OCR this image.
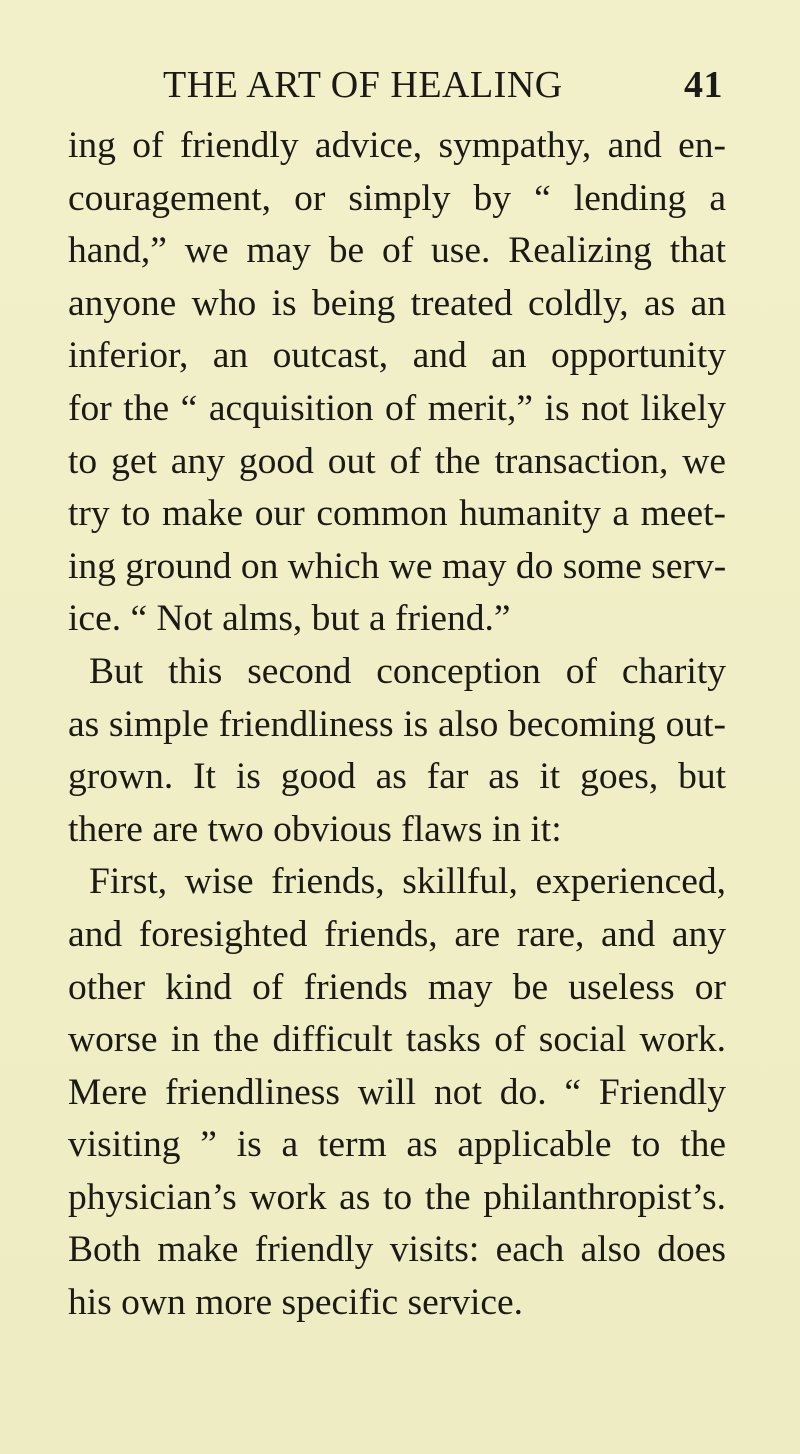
THE ART OF HEALING	41
ing of friendly advice, sympathy, and en-
couragement, or simply by “ lending a
hand,” we may be of use. Realizing that
anyone who is being treated coldly, as an
inferior, an outcast, and an opportunity
for the “ acquisition of merit,” is not likely
to get any good out of the transaction, we
try to make our common humanity a meet-
ing ground on which we may do some serv-
ice. “ Not alms, but a friend.”
But this second conception of charity
as simple friendliness is also becoming out-
grown. It is good as far as it goes, but
there are two obvious flaws in it:
First, wise friends, skillful, experienced,
and foresighted friends, are rare, and any
other kind of friends may be useless or
worse in the difficult tasks of social work.
Mere friendliness will not do. “ Friendly
visiting ” is a term as applicable to the
physician’s work as to the philanthropist’s.
Both make friendly visits: each also does
his own more specific service.
